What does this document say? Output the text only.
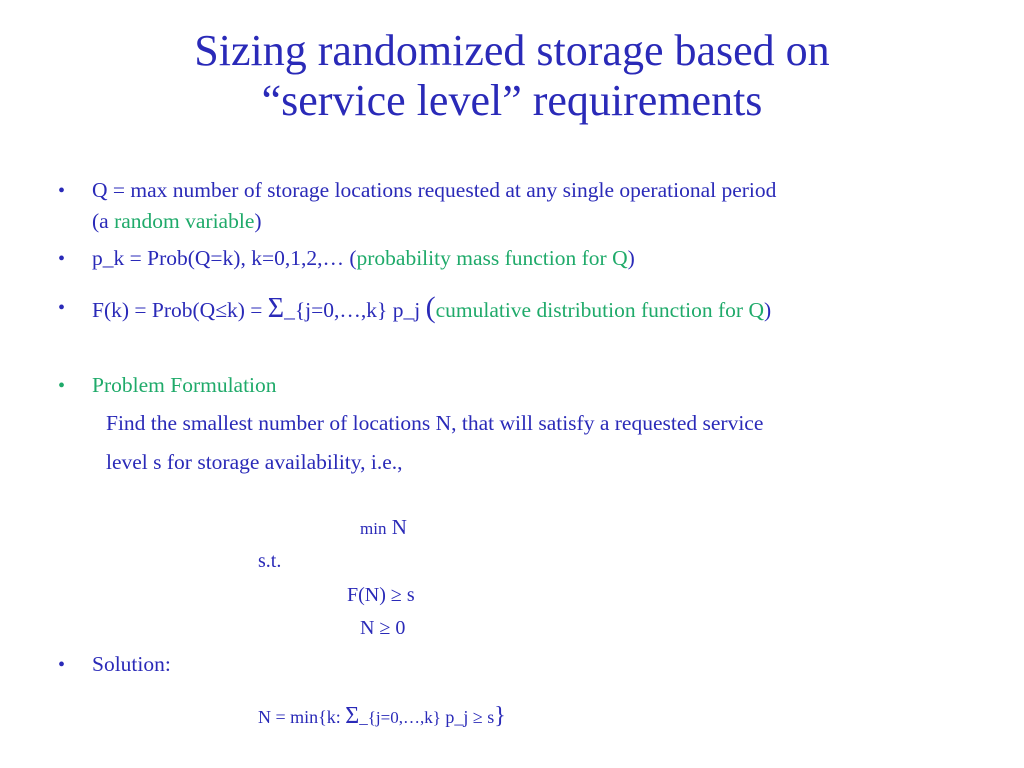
Sizing randomized storage based on
“service level” requirements
• Q = max number of storage locations requested at any single operational period
(a random variable)
• p_k = Prob(Q=k), k=0,1,2,… (probability mass function for Q)
• F(k) = Prob(Q≤k) = Σ_{j=0,…,k} p_j (cumulative distribution function for Q)
• Problem Formulation
Find the smallest number of locations N, that will satisfy a requested service
level s for storage availability, i.e.,
min N
s.t.
F(N) ≥ s
N ≥ 0
• Solution:
N = min{k: Σ_{j=0,…,k} p_j ≥ s}
